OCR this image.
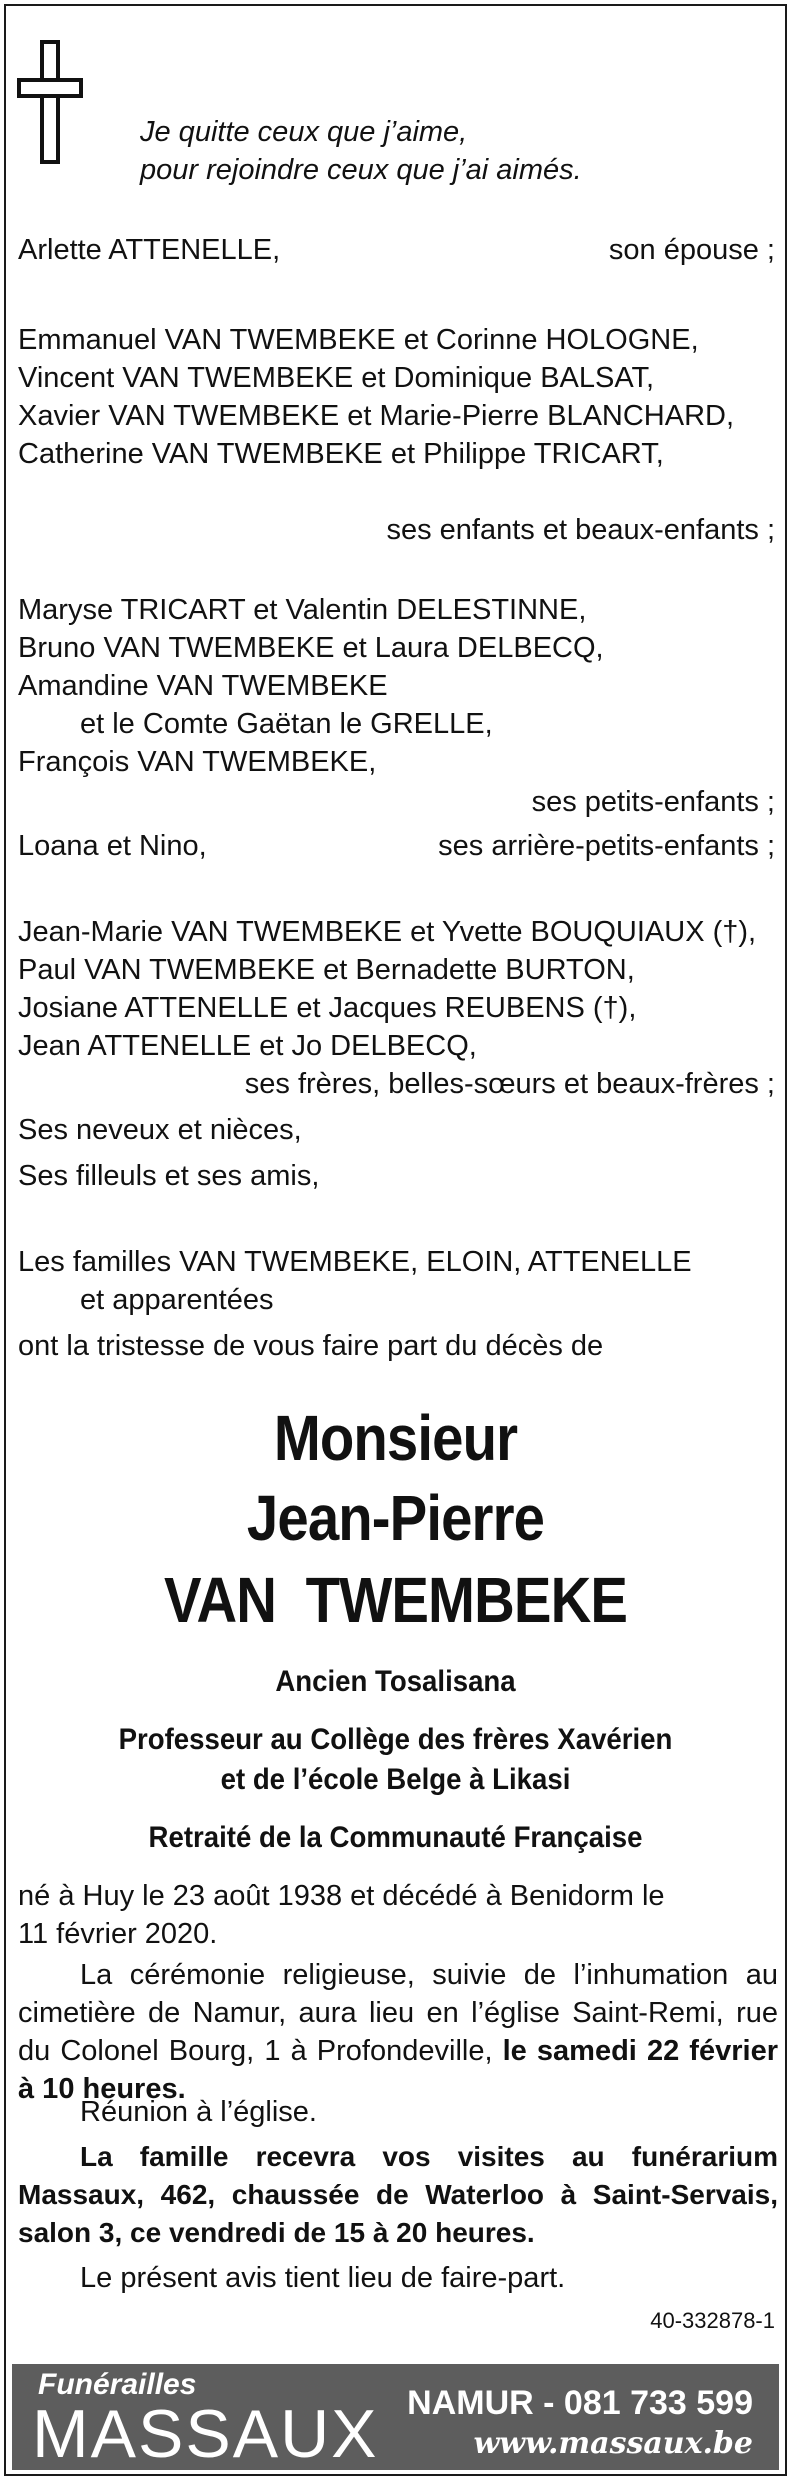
Je quitte ceux que j’aime,
pour rejoindre ceux que j’ai aimés.
Arlette ATTENELLE,	son épouse ;
Emmanuel VAN TWEMBEKE et Corinne HOLOGNE,
Vincent VAN TWEMBEKE et Dominique BALSAT,
Xavier VAN TWEMBEKE et Marie-Pierre BLANCHARD,
Catherine VAN TWEMBEKE et Philippe TRICART,
ses enfants et beaux-enfants ;
Maryse TRICART et Valentin DELESTINNE,
Bruno VAN TWEMBEKE et Laura DELBECQ,
Amandine VAN TWEMBEKE
et le Comte Gaëtan le GRELLE,
François VAN TWEMBEKE,
ses petits-enfants ;
Loana et Nino,	ses arrière-petits-enfants ;
Jean-Marie VAN TWEMBEKE et Yvette BOUQUIAUX (†),
Paul VAN TWEMBEKE et Bernadette BURTON,
Josiane ATTENELLE et Jacques REUBENS (†),
Jean ATTENELLE et Jo DELBECQ,
ses frères, belles-sœurs et beaux-frères ;
Ses neveux et nièces,
Ses filleuls et ses amis,
Les familles VAN TWEMBEKE, ELOIN, ATTENELLE
et apparentées
ont la tristesse de vous faire part du décès de
Monsieur
Jean-Pierre
VAN  TWEMBEKE
Ancien Tosalisana
Professeur au Collège des frères Xavérien
et de l’école Belge à Likasi
Retraité de la Communauté Française
né à Huy le 23 août 1938 et décédé à Benidorm le
11 février 2020.
La cérémonie religieuse, suivie de l’inhumation au cimetière de Namur, aura lieu en l’église Saint-Remi, rue du Colonel Bourg, 1 à Profondeville, le samedi 22 février à 10 heures.
Réunion à l’église.
La famille recevra vos visites au funérarium Massaux, 462, chaussée de Waterloo à Saint-Servais, salon 3, ce vendredi de 15 à 20 heures.
Le présent avis tient lieu de faire-part.
40-332878-1
Funérailles
MASSAUX NAMUR - 081 733 599
www.massaux.be
